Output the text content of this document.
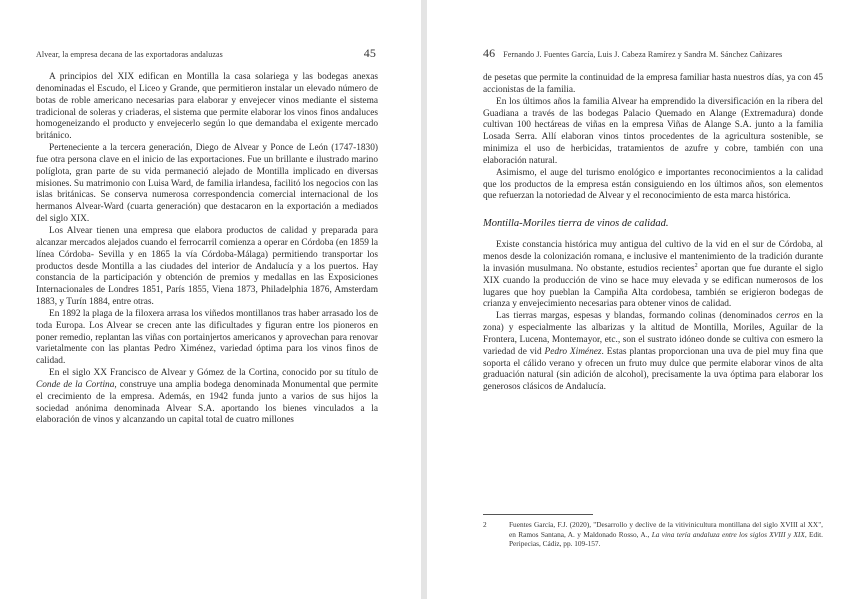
Alvear, la empresa decana de las exportadoras andaluzas	45

A principios del XIX edifican en Montilla la casa solariega y las bodegas anexas denominadas el Escudo, el Liceo y Grande, que permitieron instalar un elevado número de botas de roble americano necesarias para elaborar y envejecer vinos mediante el sistema tradicional de soleras y criaderas, el sistema que permite elaborar los vinos finos andaluces homogeneizando el producto y envejecerlo según lo que demandaba el exigente mercado británico.

Perteneciente a la tercera generación, Diego de Alvear y Ponce de León (1747-1830) fue otra persona clave en el inicio de las exportaciones. Fue un brillante e ilustrado marino políglota, gran parte de su vida permaneció alejado de Montilla implicado en diversas misiones. Su matrimonio con Luisa Ward, de familia irlandesa, facilitó los negocios con las islas británicas. Se conserva numerosa correspondencia comercial internacional de los hermanos Alvear-Ward (cuarta generación) que destacaron en la exportación a mediados del siglo XIX.

Los Alvear tienen una empresa que elabora productos de calidad y preparada para alcanzar mercados alejados cuando el ferrocarril comienza a operar en Córdoba (en 1859 la línea Córdoba- Sevilla y en 1865 la vía Córdoba-Málaga) permitiendo transportar los productos desde Montilla a las ciudades del interior de Andalucía y a los puertos. Hay constancia de la participación y obtención de premios y medallas en las Exposiciones Internacionales de Londres 1851, París 1855, Viena 1873, Philadelphia 1876, Amsterdam 1883, y Turín 1884, entre otras.

En 1892 la plaga de la filoxera arrasa los viñedos montillanos tras haber arrasado los de toda Europa. Los Alvear se crecen ante las dificultades y figuran entre los pioneros en poner remedio, replantan las viñas con portainjertos americanos y aprovechan para renovar varietalmente con las plantas Pedro Ximénez, variedad óptima para los vinos finos de calidad.

En el siglo XX Francisco de Alvear y Gómez de la Cortina, conocido por su título de Conde de la Cortina, construye una amplia bodega denominada Monumental que permite el crecimiento de la empresa. Además, en 1942 funda junto a varios de sus hijos la sociedad anónima denominada Alvear S.A. aportando los bienes vinculados a la elaboración de vinos y alcanzando un capital total de cuatro millones

46 Fernando J. Fuentes García, Luis J. Cabeza Ramírez y Sandra M. Sánchez Cañizares

de pesetas que permite la continuidad de la empresa familiar hasta nuestros días, ya con 45 accionistas de la familia.

En los últimos años la familia Alvear ha emprendido la diversificación en la ribera del Guadiana a través de las bodegas Palacio Quemado en Alange (Extremadura) donde cultivan 100 hectáreas de viñas en la empresa Viñas de Alange S.A. junto a la familia Losada Serra. Allí elaboran vinos tintos procedentes de la agricultura sostenible, se minimiza el uso de herbicidas, tratamientos de azufre y cobre, también con una elaboración natural.

Asimismo, el auge del turismo enológico e importantes reconocimientos a la calidad que los productos de la empresa están consiguiendo en los últimos años, son elementos que refuerzan la notoriedad de Alvear y el reconocimiento de esta marca histórica.

Montilla-Moriles tierra de vinos de calidad.

Existe constancia histórica muy antigua del cultivo de la vid en el sur de Córdoba, al menos desde la colonización romana, e inclusive el mantenimiento de la tradición durante la invasión musulmana. No obstante, estudios recientes$^2$ aportan que fue durante el siglo XIX cuando la producción de vino se hace muy elevada y se edifican numerosos de los lugares que hoy pueblan la Campiña Alta cordobesa, también se erigieron bodegas de crianza y envejecimiento necesarias para obtener vinos de calidad.

Las tierras margas, espesas y blandas, formando colinas (denominados cerros en la zona) y especialmente las albarizas y la altitud de Montilla, Moriles, Aguilar de la Frontera, Lucena, Montemayor, etc., son el sustrato idóneo donde se cultiva con esmero la variedad de vid Pedro Ximénez. Estas plantas proporcionan una uva de piel muy fina que soporta el cálido verano y ofrecen un fruto muy dulce que permite elaborar vinos de alta graduación natural (sin adición de alcohol), precisamente la uva óptima para elaborar los generosos clásicos de Andalucía.

2	Fuentes García, F.J. (2020), "Desarrollo y declive de la vitivinicultura montillana del siglo XVIII al XX", en Ramos Santana, A. y Maldonado Rosso, A., La vina tería andaluza entre los siglos XVIII y XIX, Edit. Peripecias, Cádiz, pp. 109-157.
